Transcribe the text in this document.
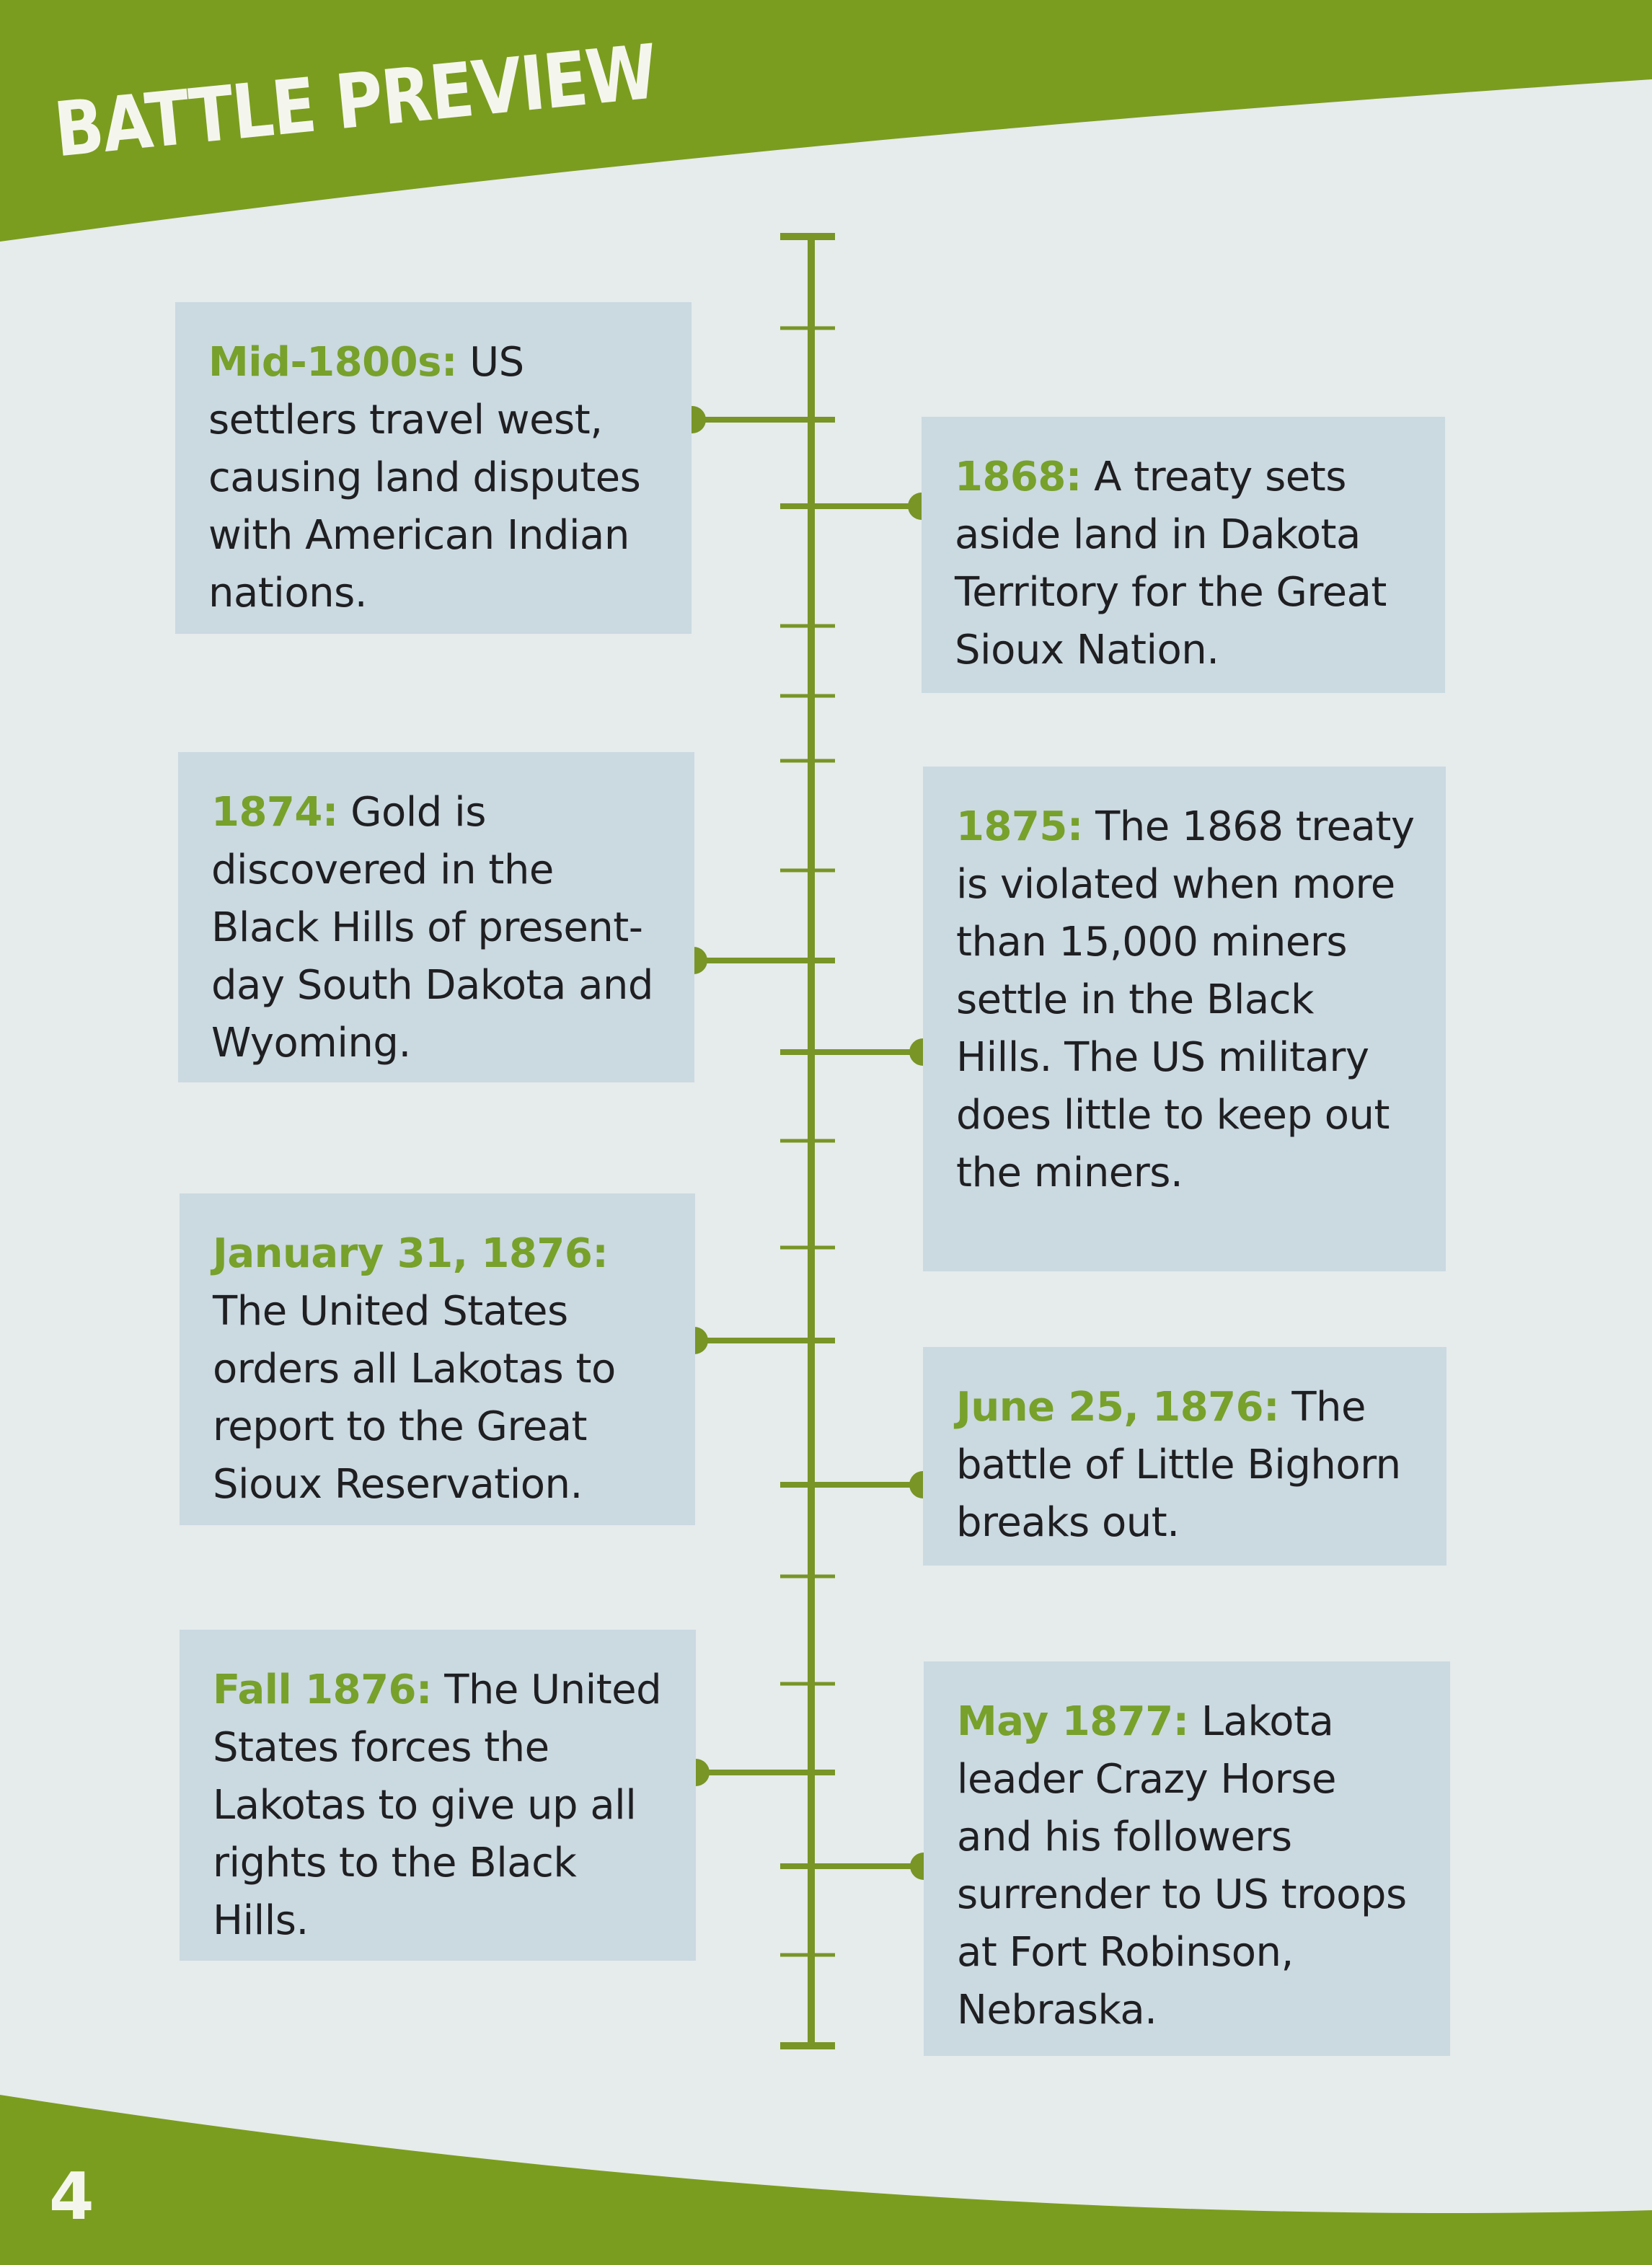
BATTLE PREVIEW
Mid-1800s: US settlers travel west, causing land disputes with American Indian nations.
1868: A treaty sets aside land in Dakota Territory for the Great Sioux Nation.
1874: Gold is discovered in the Black Hills of present-day South Dakota and Wyoming.
1875: The 1868 treaty is violated when more than 15,000 miners settle in the Black Hills. The US military does little to keep out the miners.
January 31, 1876: The United States orders all Lakotas to report to the Great Sioux Reservation.
June 25, 1876: The battle of Little Bighorn breaks out.
Fall 1876: The United States forces the Lakotas to give up all rights to the Black Hills.
May 1877: Lakota leader Crazy Horse and his followers surrender to US troops at Fort Robinson, Nebraska.
4
